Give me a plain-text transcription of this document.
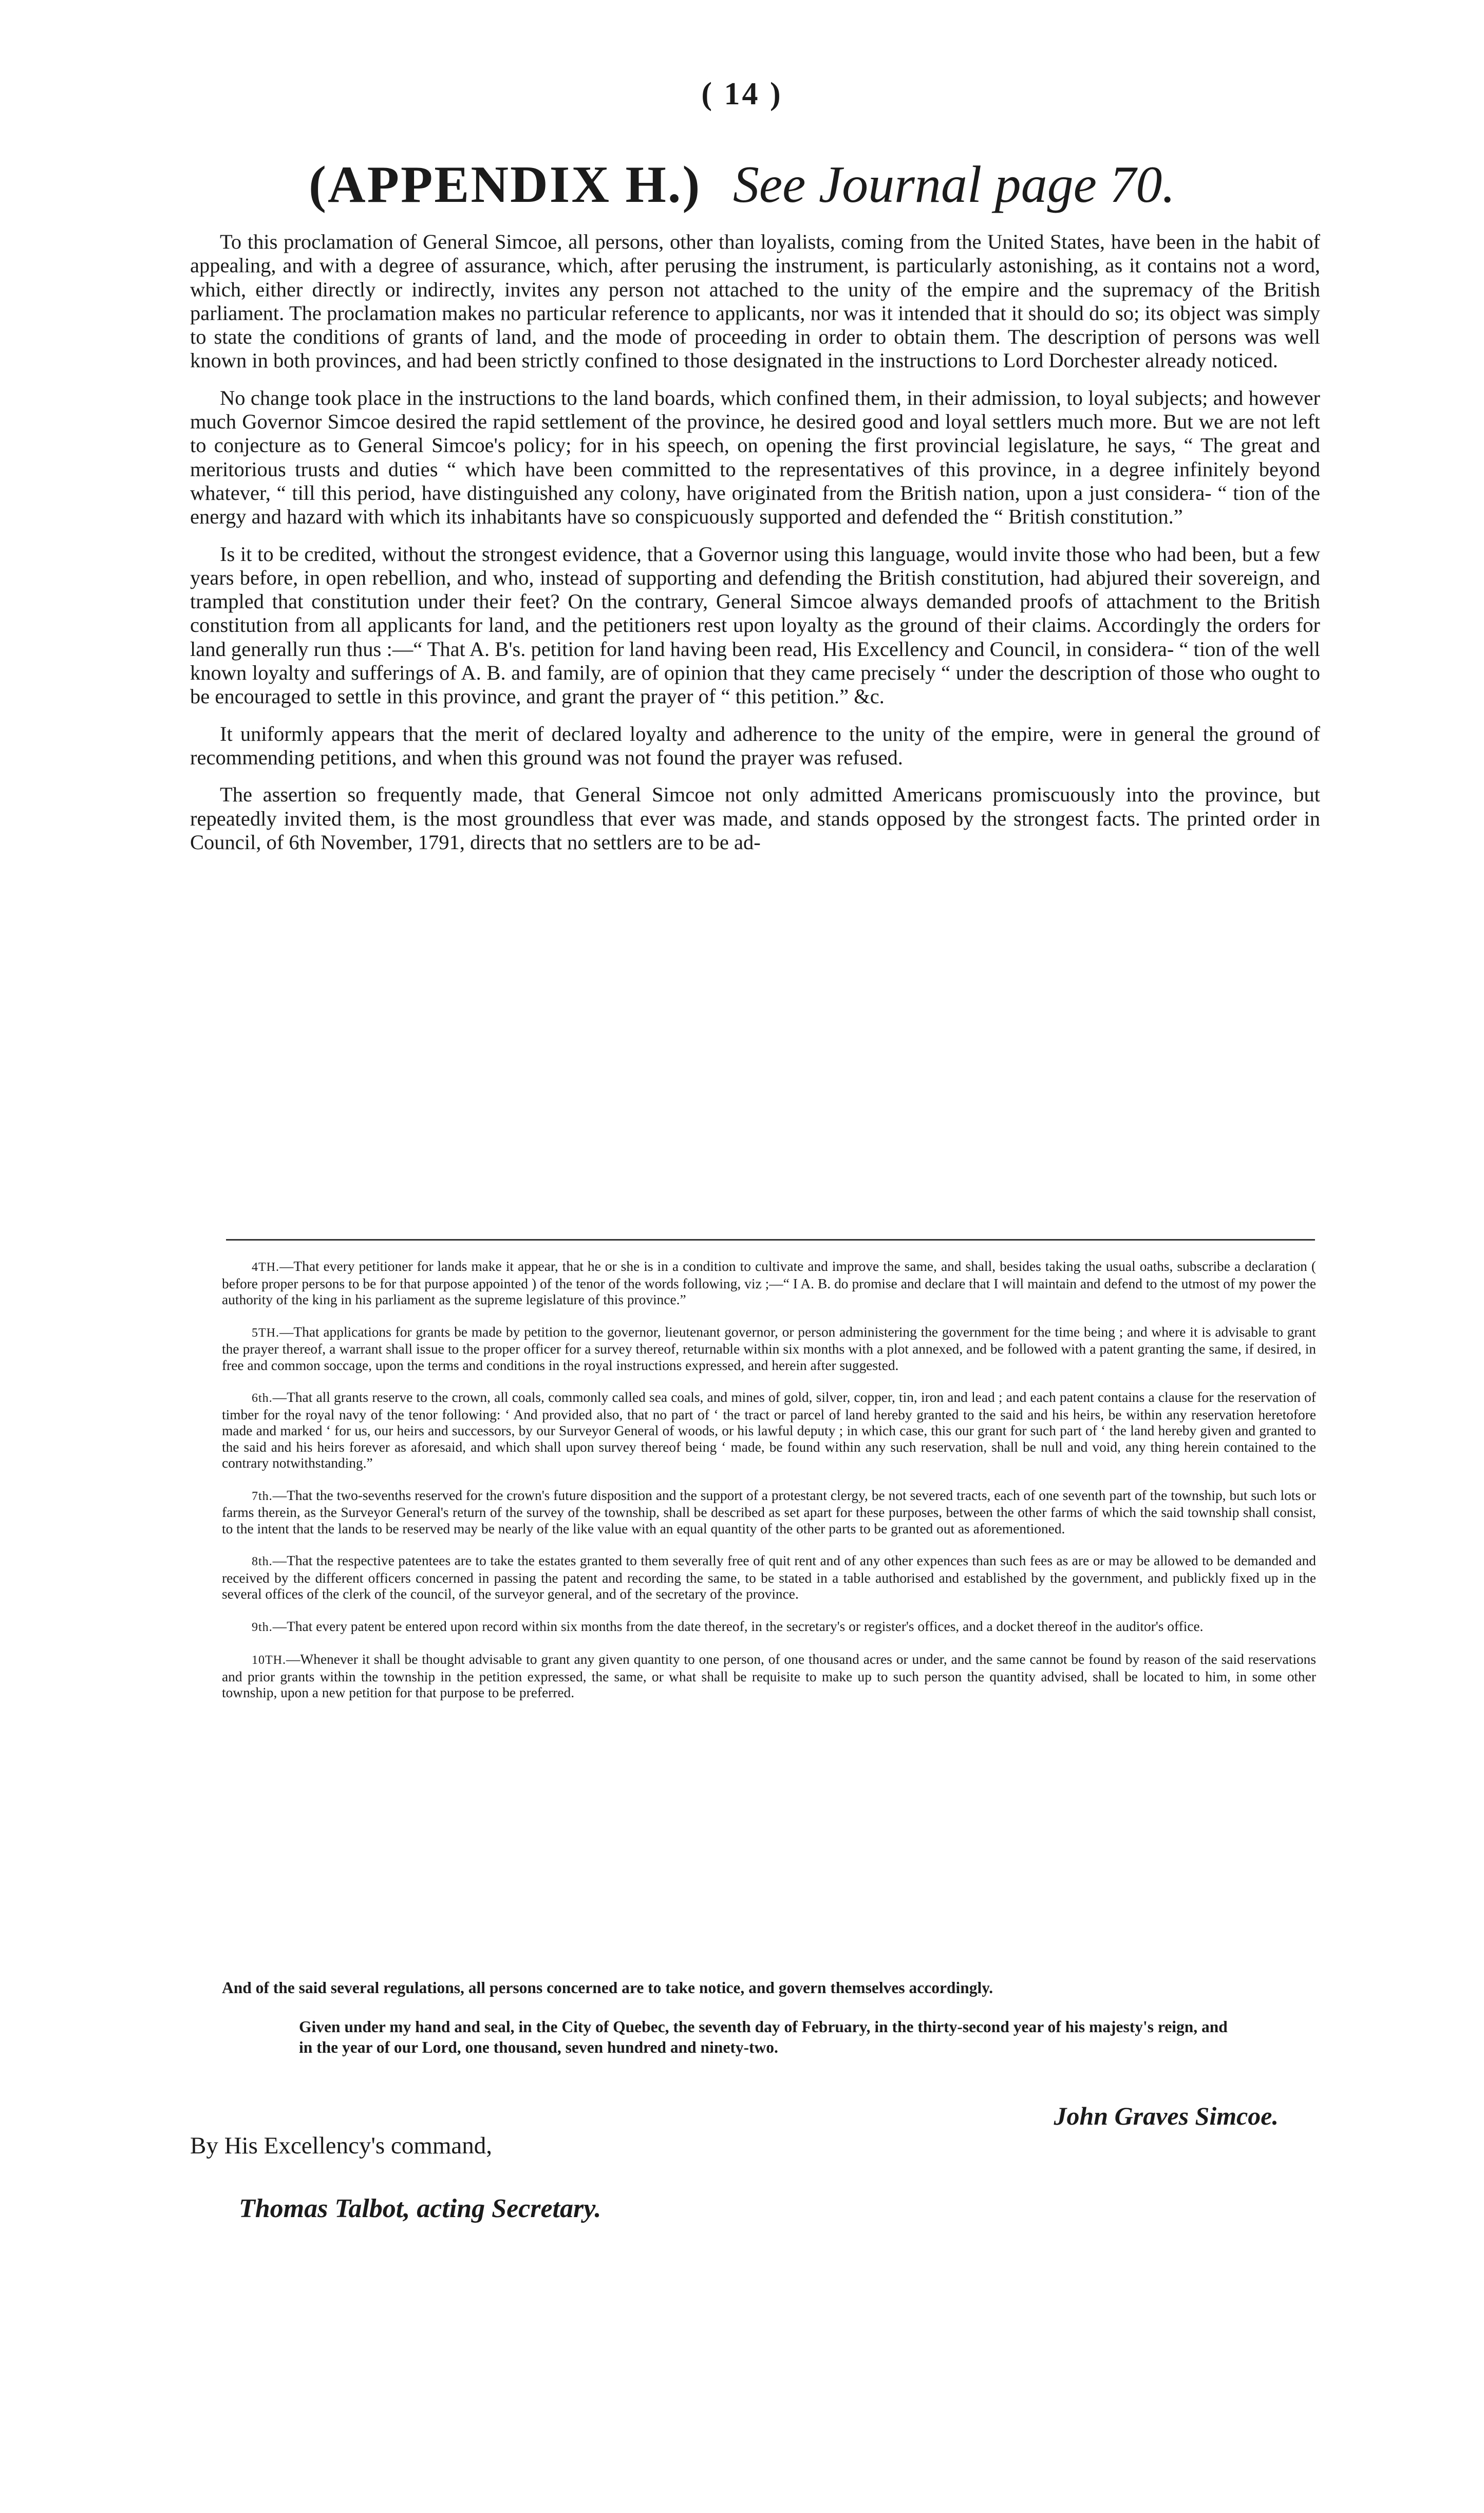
( 14 )
(APPENDIX H.) See Journal page 70.

To this proclamation of General Simcoe, all persons, other than loyalists, coming from the United States, have been in the habit of appealing, and with a degree of assurance, which, after perusing the instrument, is particularly astonishing, as it contains not a word, which, either directly or indirectly, invites any person not attached to the unity of the empire and the supremacy of the British parliament. The proclamation makes no particular reference to applicants, nor was it intended that it should do so; its object was simply to state the conditions of grants of land, and the mode of proceeding in order to obtain them. The description of persons was well known in both provinces, and had been strictly confined to those designated in the instructions to Lord Dorchester already noticed.

No change took place in the instructions to the land boards, which confined them, in their admission, to loyal subjects; and however much Governor Simcoe desired the rapid settlement of the province, he desired good and loyal settlers much more. But we are not left to conjecture as to General Simcoe's policy; for in his speech, on opening the first provincial legislature, he says, “ The great and meritorious trusts and duties “ which have been committed to the representatives of this province, in a degree infinitely beyond whatever, “ till this period, have distinguished any colony, have originated from the British nation, upon a just considera- “ tion of the energy and hazard with which its inhabitants have so conspicuously supported and defended the “ British constitution.”

Is it to be credited, without the strongest evidence, that a Governor using this language, would invite those who had been, but a few years before, in open rebellion, and who, instead of supporting and defending the British constitution, had abjured their sovereign, and trampled that constitution under their feet? On the contrary, General Simcoe always demanded proofs of attachment to the British constitution from all applicants for land, and the petitioners rest upon loyalty as the ground of their claims. Accordingly the orders for land generally run thus :—“ That A. B's. petition for land having been read, His Excellency and Council, in considera- “ tion of the well known loyalty and sufferings of A. B. and family, are of opinion that they came precisely “ under the description of those who ought to be encouraged to settle in this province, and grant the prayer of “ this petition.” &c.

It uniformly appears that the merit of declared loyalty and adherence to the unity of the empire, were in general the ground of recommending petitions, and when this ground was not found the prayer was refused.

The assertion so frequently made, that General Simcoe not only admitted Americans promiscuously into the province, but repeatedly invited them, is the most groundless that ever was made, and stands opposed by the strongest facts. The printed order in Council, of 6th November, 1791, directs that no settlers are to be ad-

4TH.—That every petitioner for lands make it appear, that he or she is in a condition to cultivate and improve the same, and shall, besides taking the usual oaths, subscribe a declaration ( before proper persons to be for that purpose appointed ) of the tenor of the words following, viz ;—“ I A. B. do promise and declare that I will maintain and defend to the utmost of my power the authority of the king in his parliament as the supreme legislature of this province.”

5TH.—That applications for grants be made by petition to the governor, lieutenant governor, or person administering the government for the time being ; and where it is advisable to grant the prayer thereof, a warrant shall issue to the proper officer for a survey thereof, returnable within six months with a plot annexed, and be followed with a patent granting the same, if desired, in free and common soccage, upon the terms and conditions in the royal instructions expressed, and herein after suggested.

6th.—That all grants reserve to the crown, all coals, commonly called sea coals, and mines of gold, silver, copper, tin, iron and lead ; and each patent contains a clause for the reservation of timber for the royal navy of the tenor following: ‘ And provided also, that no part of ‘ the tract or parcel of land hereby granted to the said and his heirs, be within any reservation heretofore made and marked ‘ for us, our heirs and successors, by our Surveyor General of woods, or his lawful deputy ; in which case, this our grant for such part of ‘ the land hereby given and granted to the said and his heirs forever as aforesaid, and which shall upon survey thereof being ‘ made, be found within any such reservation, shall be null and void, any thing herein contained to the contrary notwithstanding.”

7th.—That the two-sevenths reserved for the crown's future disposition and the support of a protestant clergy, be not severed tracts, each of one seventh part of the township, but such lots or farms therein, as the Surveyor General's return of the survey of the township, shall be described as set apart for these purposes, between the other farms of which the said township shall consist, to the intent that the lands to be reserved may be nearly of the like value with an equal quantity of the other parts to be granted out as aforementioned.

8th.—That the respective patentees are to take the estates granted to them severally free of quit rent and of any other expences than such fees as are or may be allowed to be demanded and received by the different officers concerned in passing the patent and recording the same, to be stated in a table authorised and established by the government, and publickly fixed up in the several offices of the clerk of the council, of the surveyor general, and of the secretary of the province.

9th.—That every patent be entered upon record within six months from the date thereof, in the secretary's or register's offices, and a docket thereof in the auditor's office.

10TH.—Whenever it shall be thought advisable to grant any given quantity to one person, of one thousand acres or under, and the same cannot be found by reason of the said reservations and prior grants within the township in the petition expressed, the same, or what shall be requisite to make up to such person the quantity advised, shall be located to him, in some other township, upon a new petition for that purpose to be preferred.

And of the said several regulations, all persons concerned are to take notice, and govern themselves accordingly.

Given under my hand and seal, in the City of Quebec, the seventh day of February, in the thirty-second year of his majesty's reign, and in the year of our Lord, one thousand, seven hundred and ninety-two.

John Graves Simcoe.
By His Excellency's command,
Thomas Talbot, acting Secretary.
